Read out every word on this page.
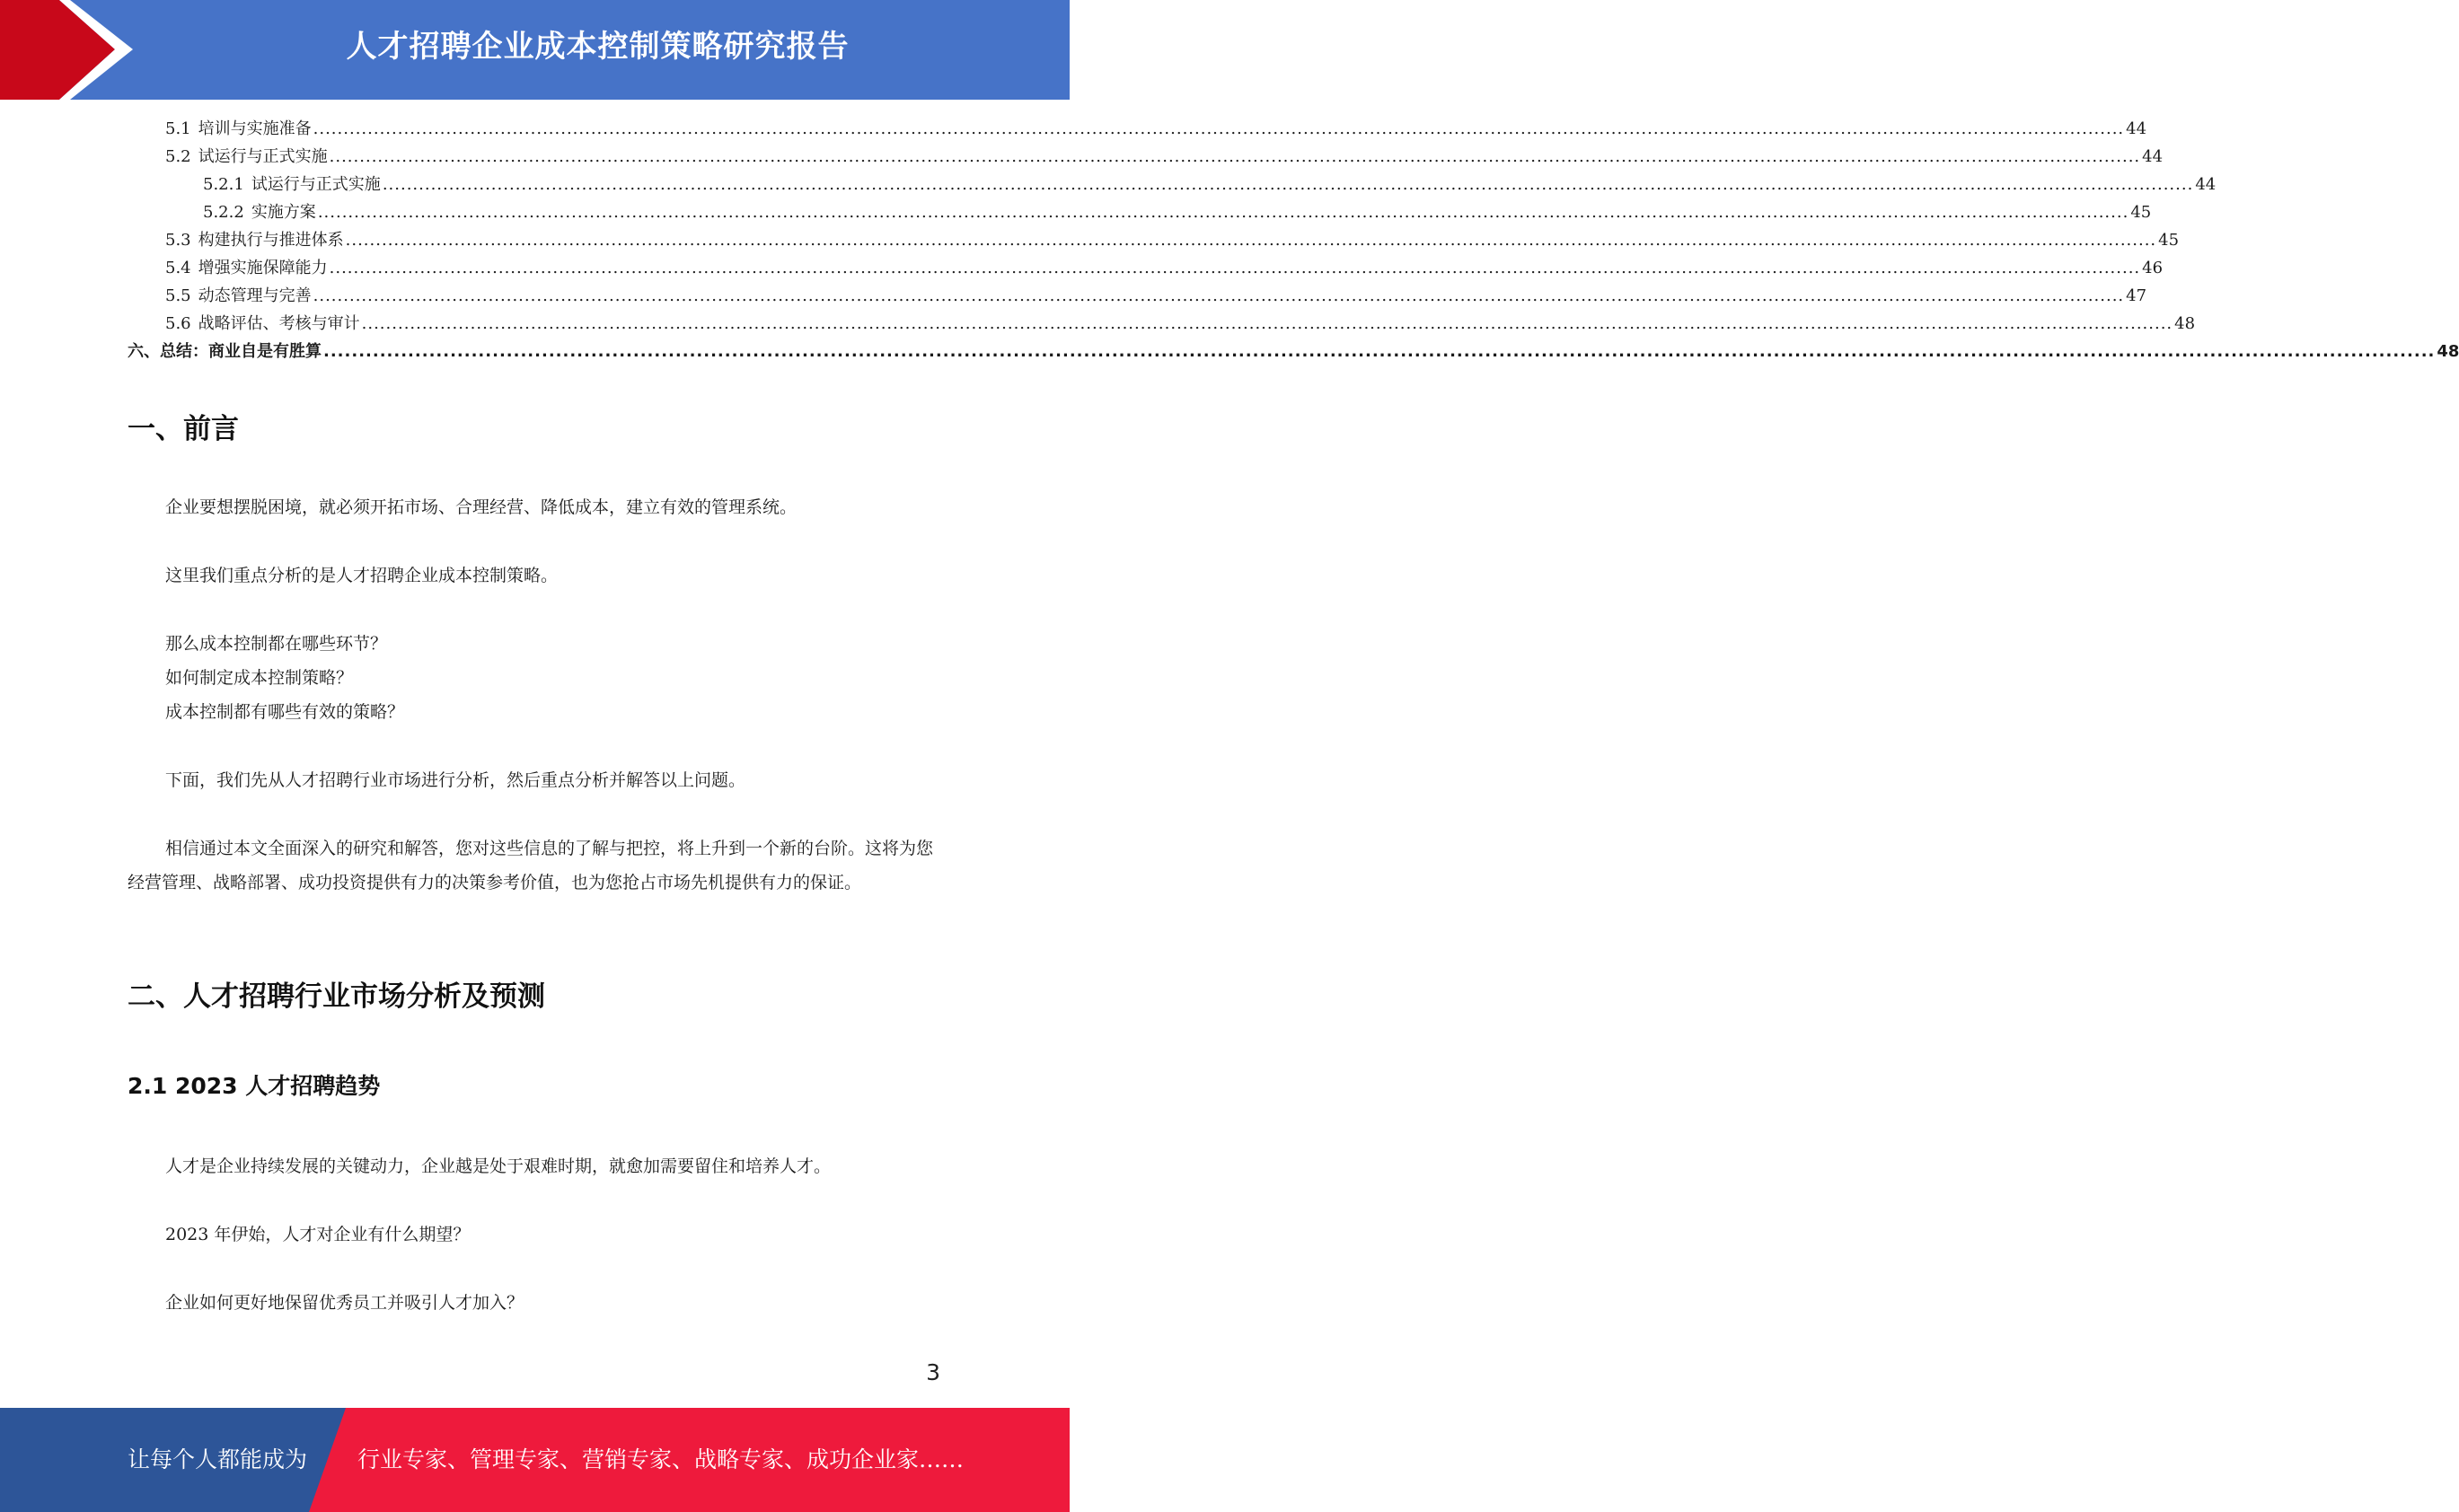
人才招聘企业成本控制策略研究报告
5.1 培训与实施准备 ............................................................................................................................................................................................................................................................................................................ 44
5.2 试运行与正式实施 ............................................................................................................................................................................................................................................................................................................ 44
5.2.1 试运行与正式实施 ............................................................................................................................................................................................................................................................................................................ 44
5.2.2 实施方案 ............................................................................................................................................................................................................................................................................................................ 45
5.3 构建执行与推进体系 ............................................................................................................................................................................................................................................................................................................ 45
5.4 增强实施保障能力 ............................................................................................................................................................................................................................................................................................................ 46
5.5 动态管理与完善 ............................................................................................................................................................................................................................................................................................................ 47
5.6 战略评估、考核与审计 ............................................................................................................................................................................................................................................................................................................ 48
六、总结：商业自是有胜算 ............................................................................................................................................................................................................................................................................................................ 48
一、前言

企业要想摆脱困境，就必须开拓市场、合理经营、降低成本，建立有效的管理系统。

这里我们重点分析的是人才招聘企业成本控制策略。

那么成本控制都在哪些环节？

如何制定成本控制策略？

成本控制都有哪些有效的策略？

下面，我们先从人才招聘行业市场进行分析，然后重点分析并解答以上问题。

相信通过本文全面深入的研究和解答，您对这些信息的了解与把控，将上升到一个新的台阶。这将为您经营管理、战略部署、成功投资提供有力的决策参考价值，也为您抢占市场先机提供有力的保证。

二、人才招聘行业市场分析及预测
2.1 2023 人才招聘趋势

人才是企业持续发展的关键动力，企业越是处于艰难时期，就愈加需要留住和培养人才。

2023 年伊始，人才对企业有什么期望？

企业如何更好地保留优秀员工并吸引人才加入？

3
让每个人都能成为 行业专家、管理专家、营销专家、战略专家、成功企业家……
